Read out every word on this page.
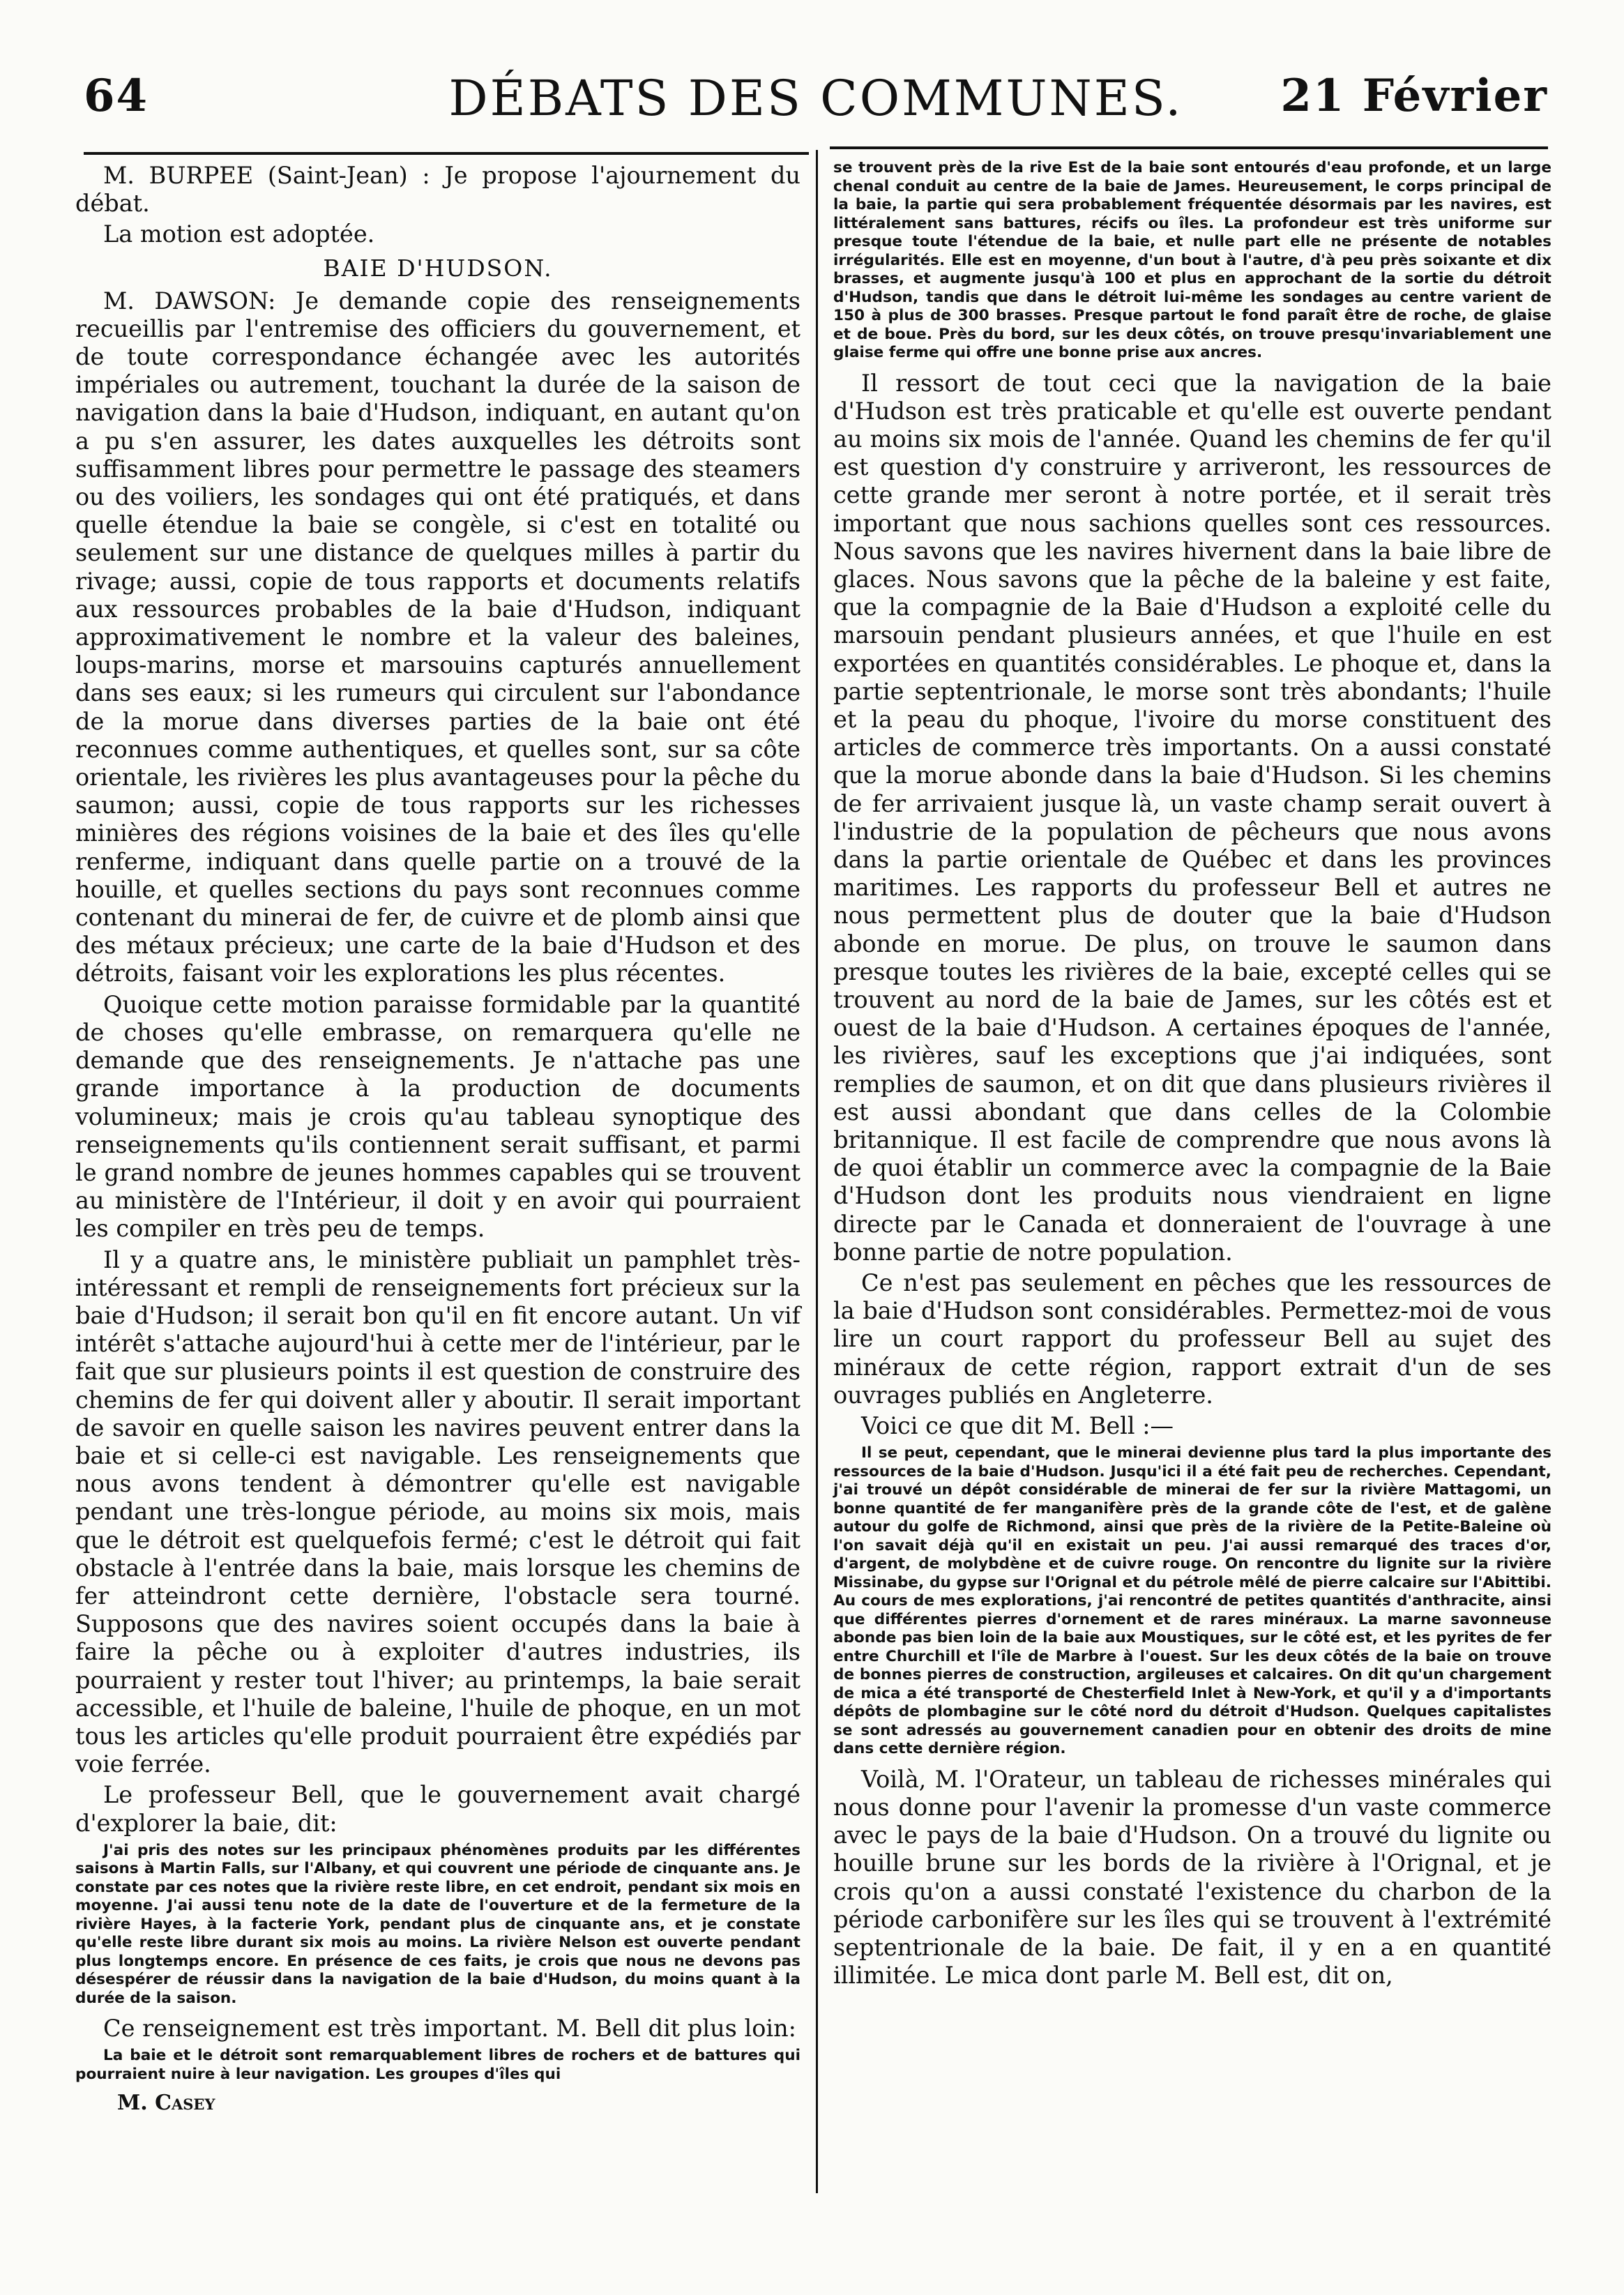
64	DÉBATS DES COMMUNES.	21 Février

M. BURPEE (Saint-Jean) : Je propose l'ajournement du débat.

La motion est adoptée.

BAIE D'HUDSON.

M. DAWSON: Je demande copie des renseignements recueillis par l'entremise des officiers du gouvernement, et de toute correspondance échangée avec les autorités impériales ou autrement, touchant la durée de la saison de navigation dans la baie d'Hudson, indiquant, en autant qu'on a pu s'en assurer, les dates auxquelles les détroits sont suffisamment libres pour permettre le passage des steamers ou des voiliers, les sondages qui ont été pratiqués, et dans quelle étendue la baie se congèle, si c'est en totalité ou seulement sur une distance de quelques milles à partir du rivage; aussi, copie de tous rapports et documents relatifs aux ressources probables de la baie d'Hudson, indiquant approximativement le nombre et la valeur des baleines, loups-marins, morse et marsouins capturés annuellement dans ses eaux; si les rumeurs qui circulent sur l'abondance de la morue dans diverses parties de la baie ont été reconnues comme authentiques, et quelles sont, sur sa côte orientale, les rivières les plus avantageuses pour la pêche du saumon; aussi, copie de tous rapports sur les richesses minières des régions voisines de la baie et des îles qu'elle renferme, indiquant dans quelle partie on a trouvé de la houille, et quelles sections du pays sont reconnues comme contenant du minerai de fer, de cuivre et de plomb ainsi que des métaux précieux; une carte de la baie d'Hudson et des détroits, faisant voir les explorations les plus récentes.

Quoique cette motion paraisse formidable par la quantité de choses qu'elle embrasse, on remarquera qu'elle ne demande que des renseignements. Je n'attache pas une grande importance à la production de documents volumineux; mais je crois qu'au tableau synoptique des renseignements qu'ils contiennent serait suffisant, et parmi le grand nombre de jeunes hommes capables qui se trouvent au ministère de l'Intérieur, il doit y en avoir qui pourraient les compiler en très peu de temps.

Il y a quatre ans, le ministère publiait un pamphlet très-intéressant et rempli de renseignements fort précieux sur la baie d'Hudson; il serait bon qu'il en fit encore autant. Un vif intérêt s'attache aujourd'hui à cette mer de l'intérieur, par le fait que sur plusieurs points il est question de construire des chemins de fer qui doivent aller y aboutir. Il serait important de savoir en quelle saison les navires peuvent entrer dans la baie et si celle-ci est navigable. Les renseignements que nous avons tendent à démontrer qu'elle est navigable pendant une très-longue période, au moins six mois, mais que le détroit est quelquefois fermé; c'est le détroit qui fait obstacle à l'entrée dans la baie, mais lorsque les chemins de fer atteindront cette dernière, l'obstacle sera tourné. Supposons que des navires soient occupés dans la baie à faire la pêche ou à exploiter d'autres industries, ils pourraient y rester tout l'hiver; au printemps, la baie serait accessible, et l'huile de baleine, l'huile de phoque, en un mot tous les articles qu'elle produit pourraient être expédiés par voie ferrée.

Le professeur Bell, que le gouvernement avait chargé d'explorer la baie, dit:

J'ai pris des notes sur les principaux phénomènes produits par les différentes saisons à Martin Falls, sur l'Albany, et qui couvrent une période de cinquante ans. Je constate par ces notes que la rivière reste libre, en cet endroit, pendant six mois en moyenne. J'ai aussi tenu note de la date de l'ouverture et de la fermeture de la rivière Hayes, à la facterie York, pendant plus de cinquante ans, et je constate qu'elle reste libre durant six mois au moins. La rivière Nelson est ouverte pendant plus longtemps encore. En présence de ces faits, je crois que nous ne devons pas désespérer de réussir dans la navigation de la baie d'Hudson, du moins quant à la durée de la saison.

Ce renseignement est très important. M. Bell dit plus loin:

La baie et le détroit sont remarquablement libres de rochers et de battures qui pourraient nuire à leur navigation. Les groupes d'îles qui

M. Casey

se trouvent près de la rive Est de la baie sont entourés d'eau profonde, et un large chenal conduit au centre de la baie de James. Heureusement, le corps principal de la baie, la partie qui sera probablement fréquentée désormais par les navires, est littéralement sans battures, récifs ou îles. La profondeur est très uniforme sur presque toute l'étendue de la baie, et nulle part elle ne présente de notables irrégularités. Elle est en moyenne, d'un bout à l'autre, d'à peu près soixante et dix brasses, et augmente jusqu'à 100 et plus en approchant de la sortie du détroit d'Hudson, tandis que dans le détroit lui-même les sondages au centre varient de 150 à plus de 300 brasses. Presque partout le fond paraît être de roche, de glaise et de boue. Près du bord, sur les deux côtés, on trouve presqu'invariablement une glaise ferme qui offre une bonne prise aux ancres.

Il ressort de tout ceci que la navigation de la baie d'Hudson est très praticable et qu'elle est ouverte pendant au moins six mois de l'année. Quand les chemins de fer qu'il est question d'y construire y arriveront, les ressources de cette grande mer seront à notre portée, et il serait très important que nous sachions quelles sont ces ressources. Nous savons que les navires hivernent dans la baie libre de glaces. Nous savons que la pêche de la baleine y est faite, que la compagnie de la Baie d'Hudson a exploité celle du marsouin pendant plusieurs années, et que l'huile en est exportées en quantités considérables. Le phoque et, dans la partie septentrionale, le morse sont très abondants; l'huile et la peau du phoque, l'ivoire du morse constituent des articles de commerce très importants. On a aussi constaté que la morue abonde dans la baie d'Hudson. Si les chemins de fer arrivaient jusque là, un vaste champ serait ouvert à l'industrie de la population de pêcheurs que nous avons dans la partie orientale de Québec et dans les provinces maritimes. Les rapports du professeur Bell et autres ne nous permettent plus de douter que la baie d'Hudson abonde en morue. De plus, on trouve le saumon dans presque toutes les rivières de la baie, excepté celles qui se trouvent au nord de la baie de James, sur les côtés est et ouest de la baie d'Hudson. A certaines époques de l'année, les rivières, sauf les exceptions que j'ai indiquées, sont remplies de saumon, et on dit que dans plusieurs rivières il est aussi abondant que dans celles de la Colombie britannique. Il est facile de comprendre que nous avons là de quoi établir un commerce avec la compagnie de la Baie d'Hudson dont les produits nous viendraient en ligne directe par le Canada et donneraient de l'ouvrage à une bonne partie de notre population.

Ce n'est pas seulement en pêches que les ressources de la baie d'Hudson sont considérables. Permettez-moi de vous lire un court rapport du professeur Bell au sujet des minéraux de cette région, rapport extrait d'un de ses ouvrages publiés en Angleterre.

Voici ce que dit M. Bell :—

Il se peut, cependant, que le minerai devienne plus tard la plus importante des ressources de la baie d'Hudson. Jusqu'ici il a été fait peu de recherches. Cependant, j'ai trouvé un dépôt considérable de minerai de fer sur la rivière Mattagomi, un bonne quantité de fer manganifère près de la grande côte de l'est, et de galène autour du golfe de Richmond, ainsi que près de la rivière de la Petite-Baleine où l'on savait déjà qu'il en existait un peu. J'ai aussi remarqué des traces d'or, d'argent, de molybdène et de cuivre rouge. On rencontre du lignite sur la rivière Missinabe, du gypse sur l'Orignal et du pétrole mêlé de pierre calcaire sur l'Abittibi. Au cours de mes explorations, j'ai rencontré de petites quantités d'anthracite, ainsi que différentes pierres d'ornement et de rares minéraux. La marne savonneuse abonde pas bien loin de la baie aux Moustiques, sur le côté est, et les pyrites de fer entre Churchill et l'île de Marbre à l'ouest. Sur les deux côtés de la baie on trouve de bonnes pierres de construction, argileuses et calcaires. On dit qu'un chargement de mica a été transporté de Chesterfield Inlet à New-York, et qu'il y a d'importants dépôts de plombagine sur le côté nord du détroit d'Hudson. Quelques capitalistes se sont adressés au gouvernement canadien pour en obtenir des droits de mine dans cette dernière région.

Voilà, M. l'Orateur, un tableau de richesses minérales qui nous donne pour l'avenir la promesse d'un vaste commerce avec le pays de la baie d'Hudson. On a trouvé du lignite ou houille brune sur les bords de la rivière à l'Orignal, et je crois qu'on a aussi constaté l'existence du charbon de la période carbonifère sur les îles qui se trouvent à l'extrémité septentrionale de la baie. De fait, il y en a en quantité illimitée. Le mica dont parle M. Bell est, dit on,
